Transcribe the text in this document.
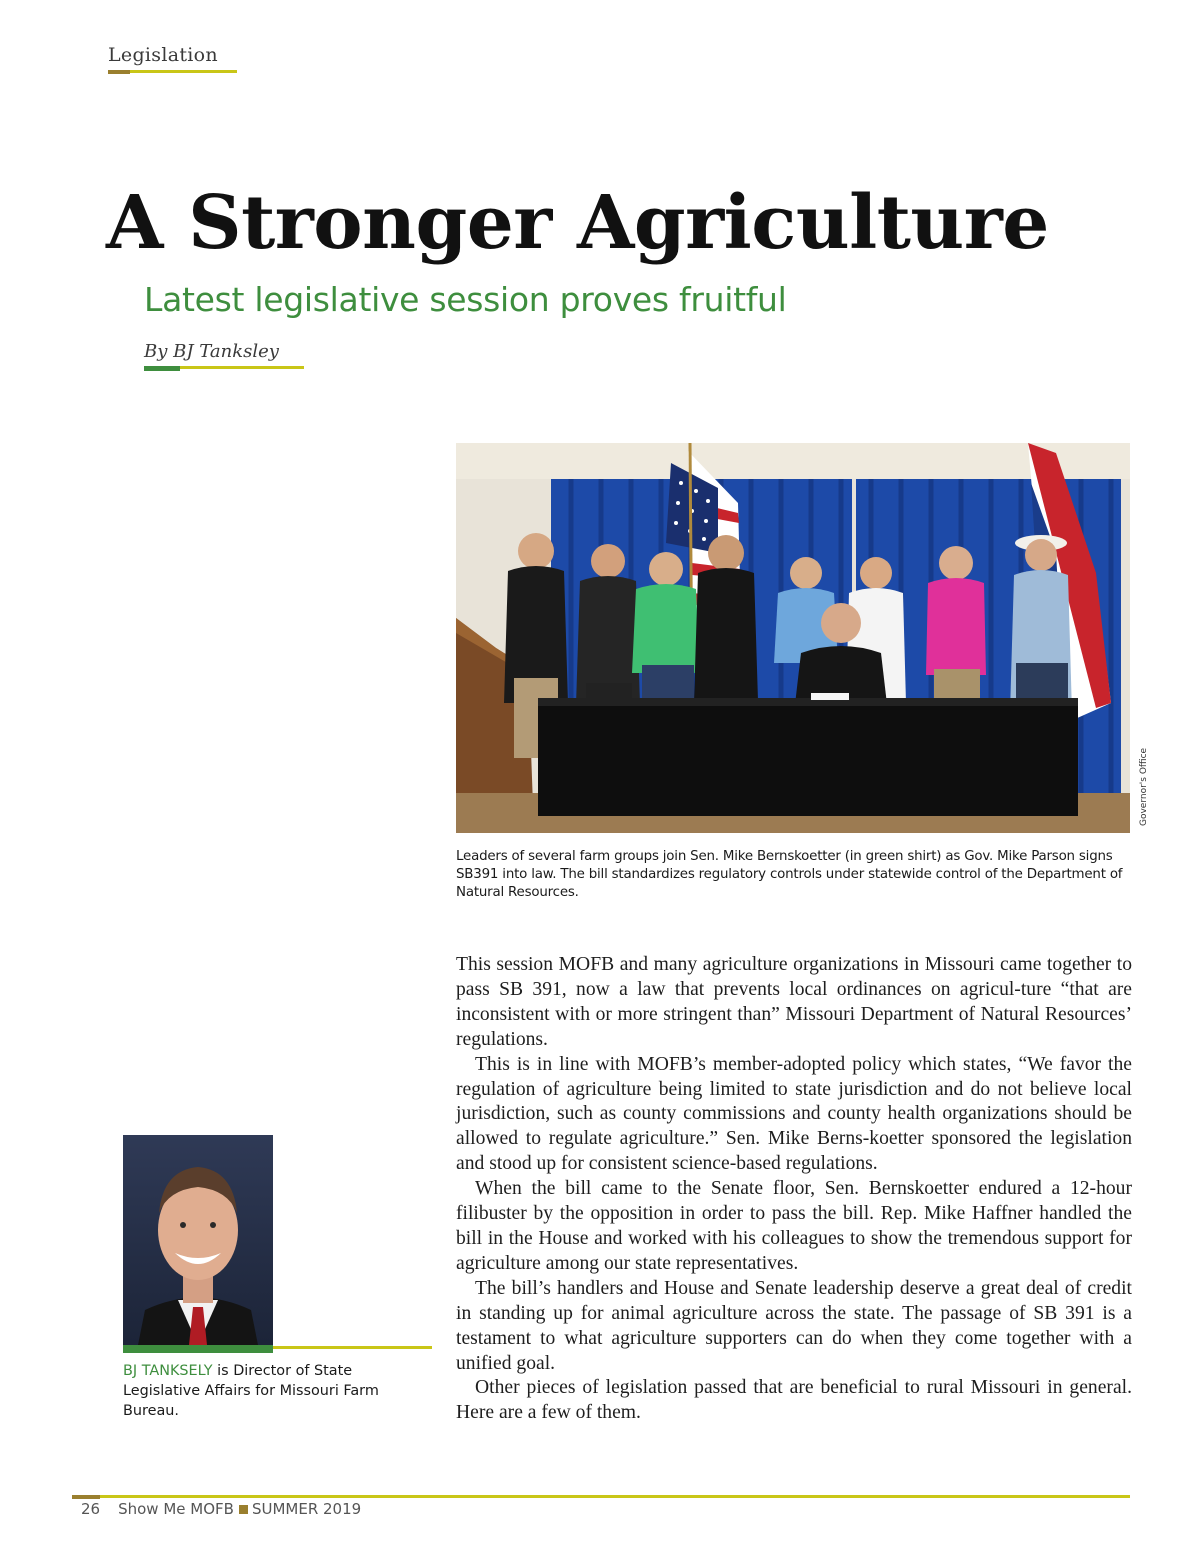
Legislation
A Stronger Agriculture
Latest legislative session proves fruitful
By BJ Tanksley
Governor's Office

Leaders of several farm groups join Sen. Mike Bernskoetter (in green shirt) as Gov. Mike Parson signs SB391 into law. The bill standardizes regulatory controls under statewide control of the Department of Natural Resources.

This session MOFB and many agriculture organizations in Missouri came together to pass SB 391, now a law that prevents local ordinances on agricul-ture “that are inconsistent with or more stringent than” Missouri Department of Natural Resources’ regulations.

This is in line with MOFB’s member-adopted policy which states, “We favor the regulation of agriculture being limited to state jurisdiction and do not believe local jurisdiction, such as county commissions and county health organizations should be allowed to regulate agriculture.” Sen. Mike Berns-koetter sponsored the legislation and stood up for consistent science-based regulations.

When the bill came to the Senate floor, Sen. Bernskoetter endured a 12-hour filibuster by the opposition in order to pass the bill. Rep. Mike Haffner handled the bill in the House and worked with his colleagues to show the tremendous support for agriculture among our state representatives.

The bill’s handlers and House and Senate leadership deserve a great deal of credit in standing up for animal agriculture across the state. The passage of SB 391 is a testament to what agriculture supporters can do when they come together with a unified goal.

Other pieces of legislation passed that are beneficial to rural Missouri in general. Here are a few of them.

BJ TANKSELY is Director of State Legislative Affairs for Missouri Farm Bureau.
26 Show Me MOFB SUMMER 2019
